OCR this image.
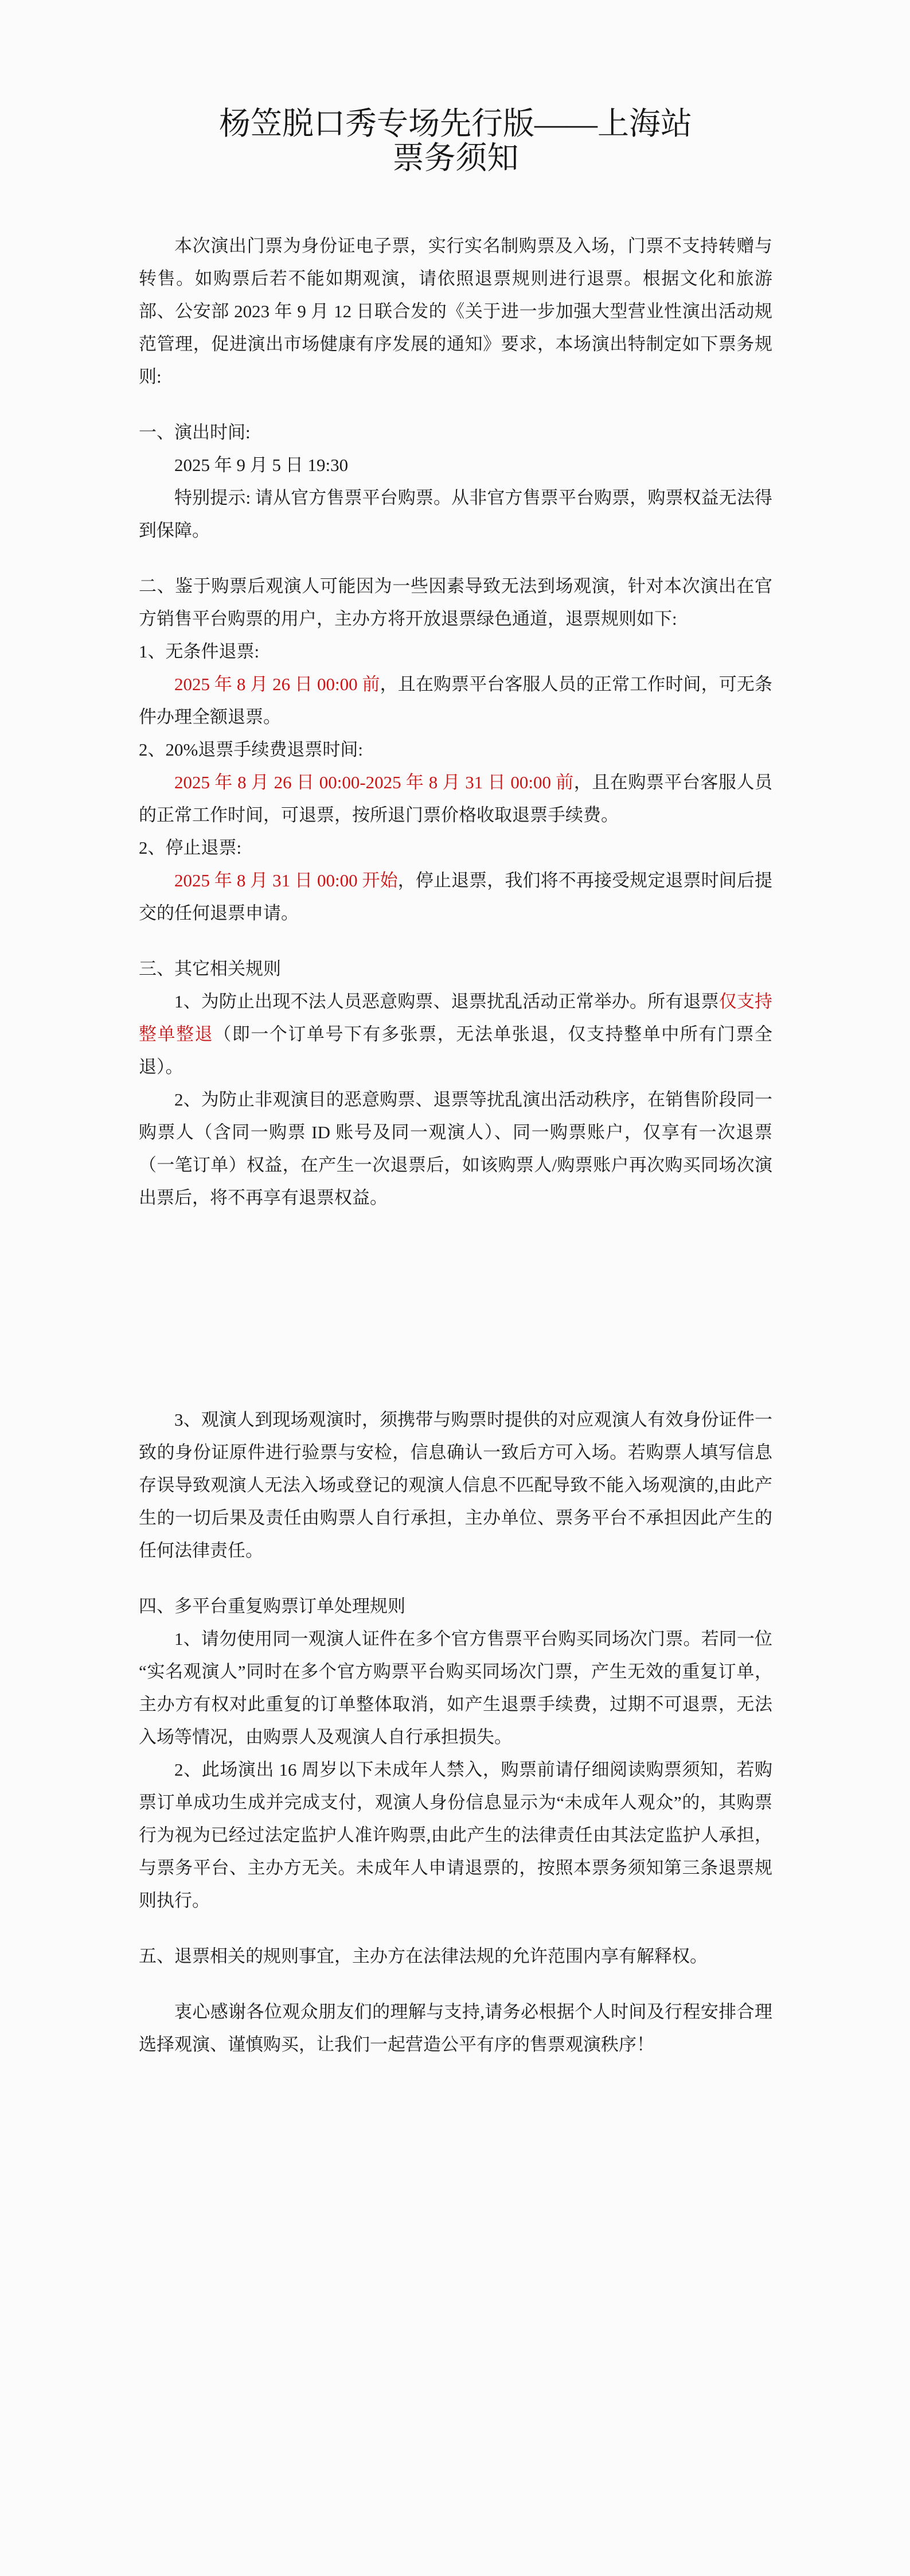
杨笠脱口秀专场先行版——上海站
票务须知

本次演出门票为身份证电子票，实行实名制购票及入场，门票不支持转赠与转售。如购票后若不能如期观演，请依照退票规则进行退票。根据文化和旅游部、公安部 2023 年 9 月 12 日联合发的《关于进一步加强大型营业性演出活动规范管理，促进演出市场健康有序发展的通知》要求，本场演出特制定如下票务规则:

一、演出时间:

2025 年 9 月 5 日 19:30

特别提示: 请从官方售票平台购票。从非官方售票平台购票，购票权益无法得到保障。

二、鉴于购票后观演人可能因为一些因素导致无法到场观演，针对本次演出在官方销售平台购票的用户，主办方将开放退票绿色通道，退票规则如下:

1、无条件退票:

2025 年 8 月 26 日 00:00 前，且在购票平台客服人员的正常工作时间，可无条件办理全额退票。

2、20%退票手续费退票时间:

2025 年 8 月 26 日 00:00-2025 年 8 月 31 日 00:00 前，且在购票平台客服人员的正常工作时间，可退票，按所退门票价格收取退票手续费。

2、停止退票:

2025 年 8 月 31 日 00:00 开始，停止退票，我们将不再接受规定退票时间后提交的任何退票申请。

三、其它相关规则

1、为防止出现不法人员恶意购票、退票扰乱活动正常举办。所有退票仅支持整单整退（即一个订单号下有多张票，无法单张退，仅支持整单中所有门票全退）。

2、为防止非观演目的恶意购票、退票等扰乱演出活动秩序，在销售阶段同一购票人（含同一购票 ID 账号及同一观演人）、同一购票账户，仅享有一次退票（一笔订单）权益，在产生一次退票后，如该购票人/购票账户再次购买同场次演出票后，将不再享有退票权益。

3、观演人到现场观演时，须携带与购票时提供的对应观演人有效身份证件一致的身份证原件进行验票与安检，信息确认一致后方可入场。若购票人填写信息存误导致观演人无法入场或登记的观演人信息不匹配导致不能入场观演的,由此产生的一切后果及责任由购票人自行承担，主办单位、票务平台不承担因此产生的任何法律责任。

四、多平台重复购票订单处理规则

1、请勿使用同一观演人证件在多个官方售票平台购买同场次门票。若同一位“实名观演人”同时在多个官方购票平台购买同场次门票，产生无效的重复订单，主办方有权对此重复的订单整体取消，如产生退票手续费，过期不可退票，无法入场等情况，由购票人及观演人自行承担损失。

2、此场演出 16 周岁以下未成年人禁入，购票前请仔细阅读购票须知，若购票订单成功生成并完成支付，观演人身份信息显示为“未成年人观众”的，其购票行为视为已经过法定监护人准许购票,由此产生的法律责任由其法定监护人承担，与票务平台、主办方无关。未成年人申请退票的，按照本票务须知第三条退票规则执行。

五、退票相关的规则事宜，主办方在法律法规的允许范围内享有解释权。

衷心感谢各位观众朋友们的理解与支持,请务必根据个人时间及行程安排合理选择观演、谨慎购买，让我们一起营造公平有序的售票观演秩序！
